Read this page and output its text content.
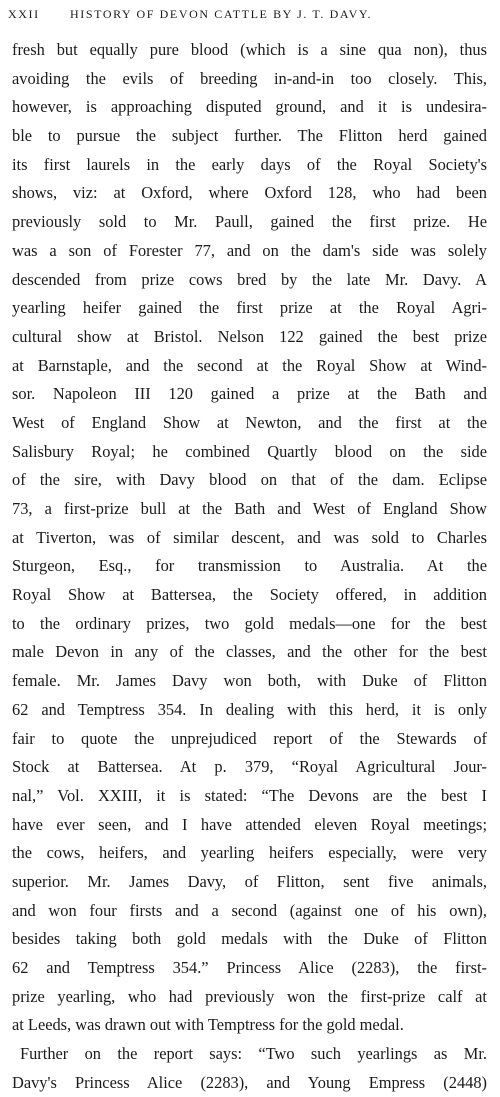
XXII	HISTORY OF DEVON CATTLE BY J. T. DAVY.
fresh but equally pure blood (which is a sine qua non), thus
avoiding the evils of breeding in-and-in too closely. This,
however, is approaching disputed ground, and it is undesira-
ble to pursue the subject further. The Flitton herd gained
its first laurels in the early days of the Royal Society's
shows, viz: at Oxford, where Oxford 128, who had been
previously sold to Mr. Paull, gained the first prize. He
was a son of Forester 77, and on the dam's side was solely
descended from prize cows bred by the late Mr. Davy. A
yearling heifer gained the first prize at the Royal Agri-
cultural show at Bristol. Nelson 122 gained the best prize
at Barnstaple, and the second at the Royal Show at Wind-
sor. Napoleon III 120 gained a prize at the Bath and
West of England Show at Newton, and the first at the
Salisbury Royal; he combined Quartly blood on the side
of the sire, with Davy blood on that of the dam. Eclipse
73, a first-prize bull at the Bath and West of England Show
at Tiverton, was of similar descent, and was sold to Charles
Sturgeon, Esq., for transmission to Australia. At the
Royal Show at Battersea, the Society offered, in addition
to the ordinary prizes, two gold medals—one for the best
male Devon in any of the classes, and the other for the best
female. Mr. James Davy won both, with Duke of Flitton
62 and Temptress 354. In dealing with this herd, it is only
fair to quote the unprejudiced report of the Stewards of
Stock at Battersea. At p. 379, “Royal Agricultural Jour-
nal,” Vol. XXIII, it is stated: “The Devons are the best I
have ever seen, and I have attended eleven Royal meetings;
the cows, heifers, and yearling heifers especially, were very
superior. Mr. James Davy, of Flitton, sent five animals,
and won four firsts and a second (against one of his own),
besides taking both gold medals with the Duke of Flitton
62 and Temptress 354.” Princess Alice (2283), the first-
prize yearling, who had previously won the first-prize calf at
at Leeds, was drawn out with Temptress for the gold medal.
Further on the report says: “Two such yearlings as Mr.
Davy's Princess Alice (2283), and Young Empress (2448)
